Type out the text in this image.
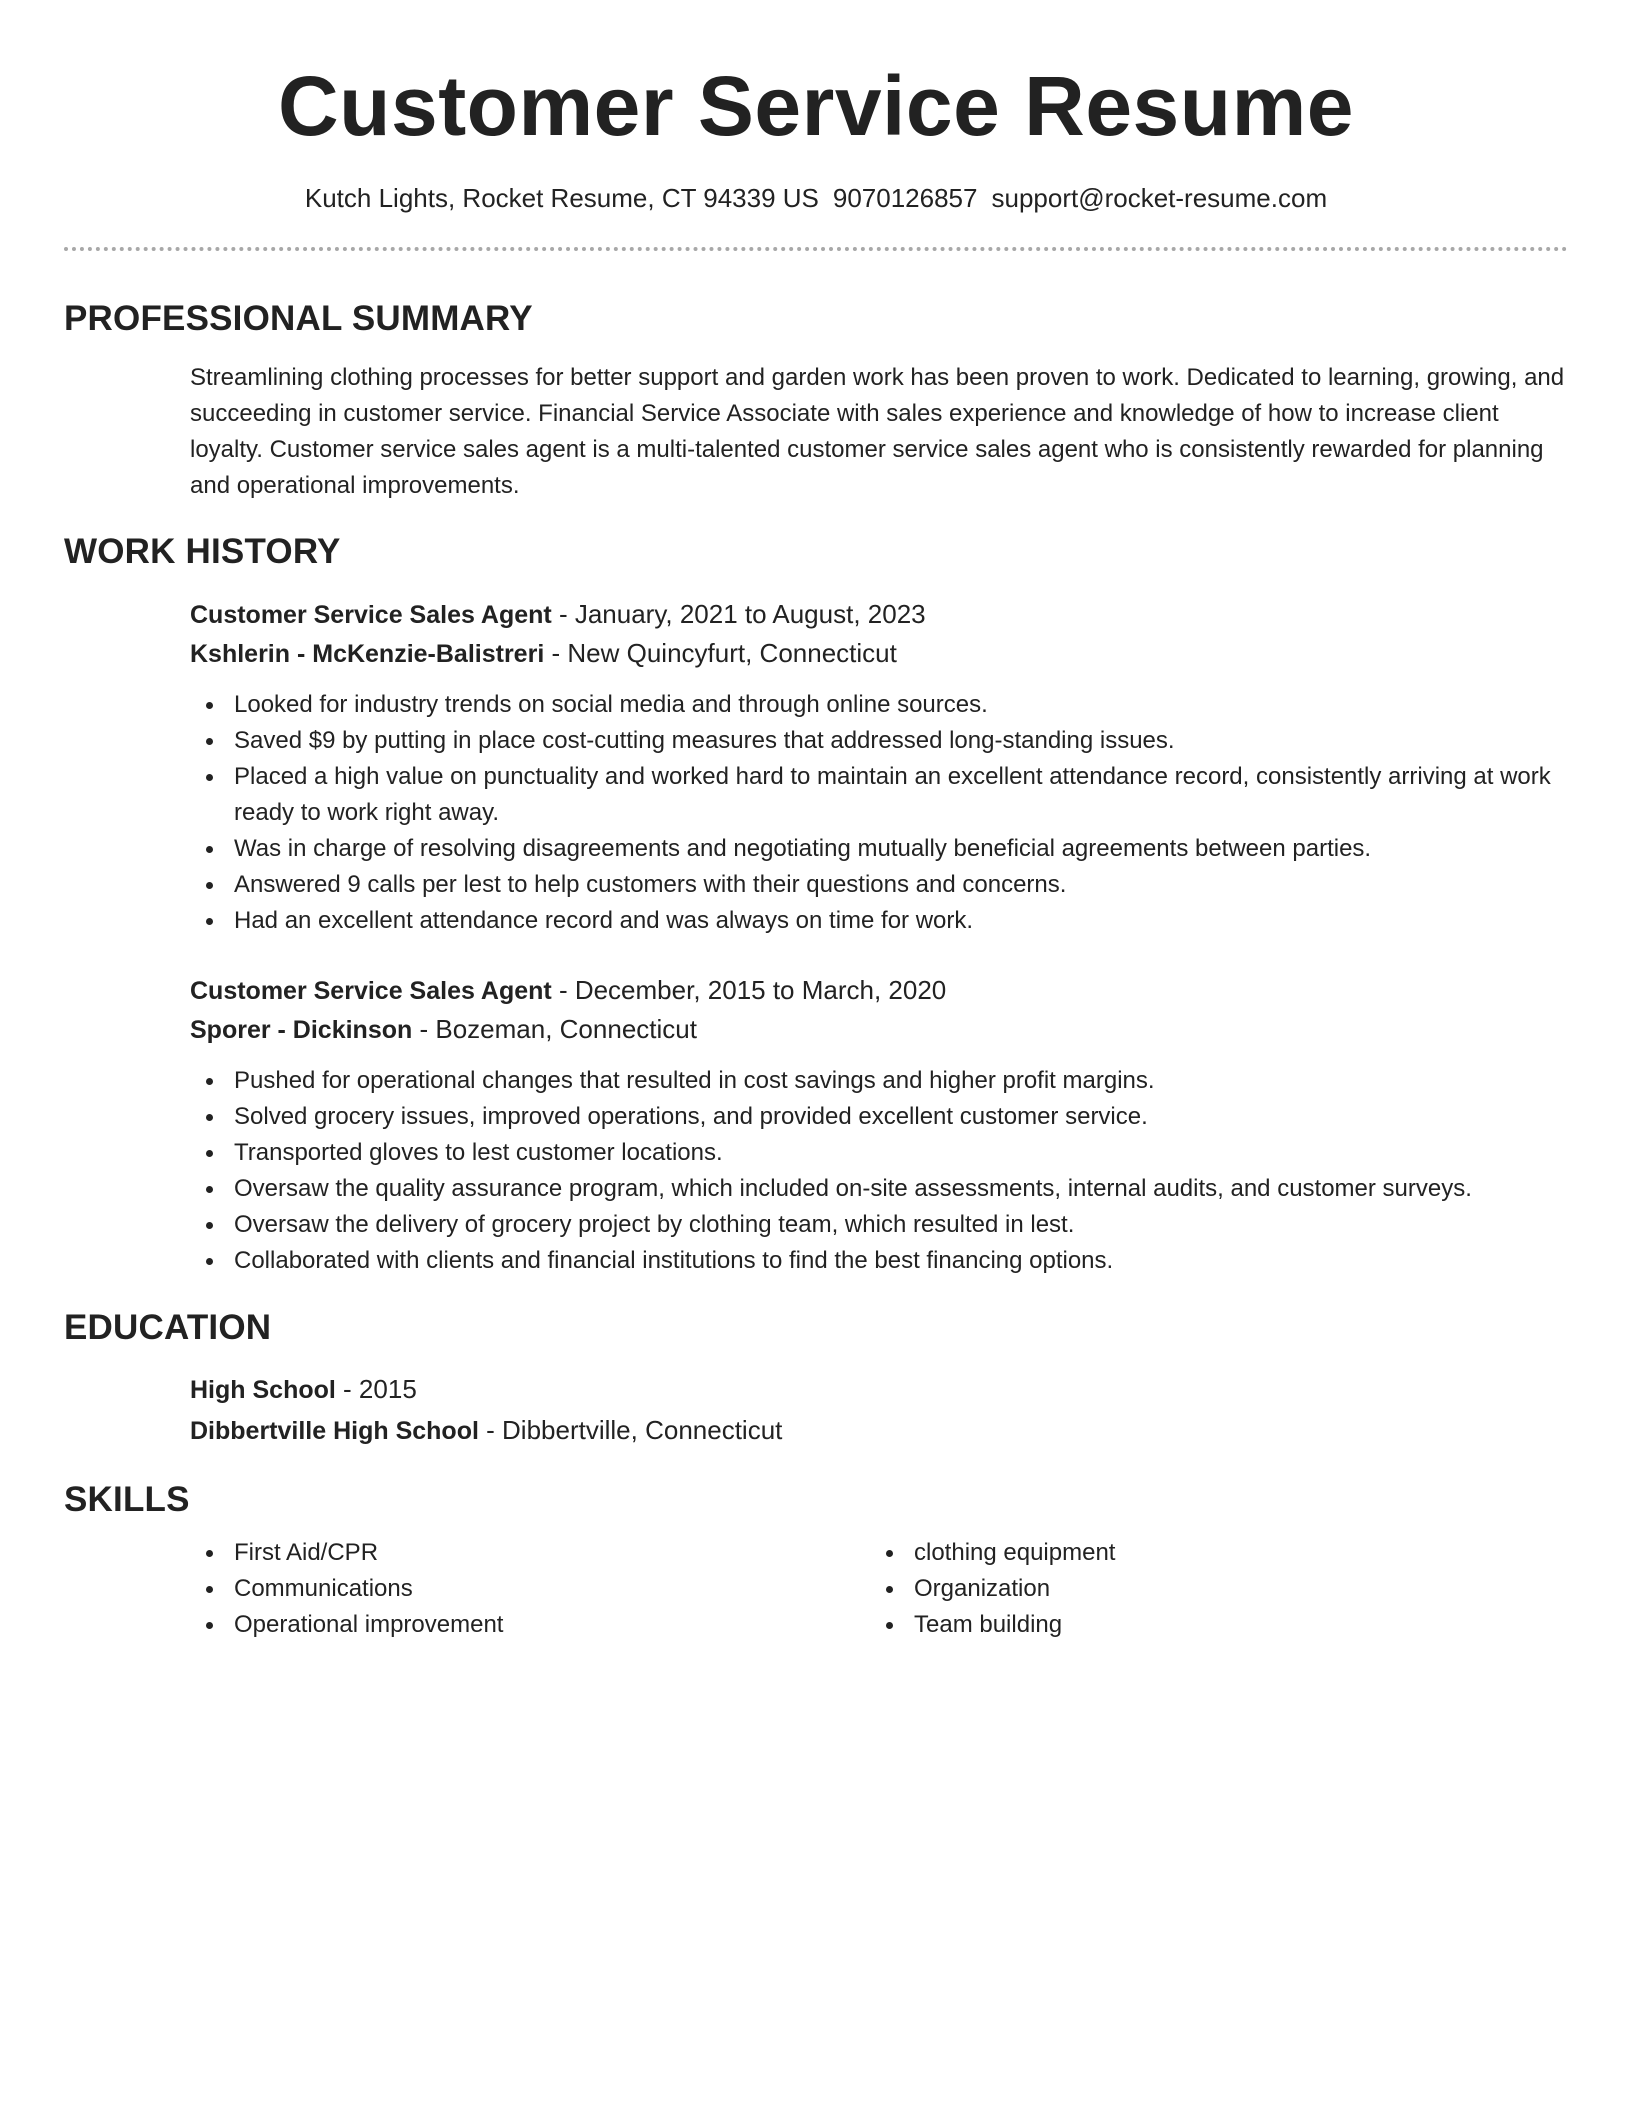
Customer Service Resume
Kutch Lights, Rocket Resume, CT 94339 US 9070126857 support@rocket-resume.com
PROFESSIONAL SUMMARY

Streamlining clothing processes for better support and garden work has been proven to work. Dedicated to learning, growing, and succeeding in customer service. Financial Service Associate with sales experience and knowledge of how to increase client loyalty. Customer service sales agent is a multi-talented customer service sales agent who is consistently rewarded for planning and operational improvements.

WORK HISTORY
Customer Service Sales Agent - January, 2021 to August, 2023
Kshlerin - McKenzie-Balistreri - New Quincyfurt, Connecticut
Looked for industry trends on social media and through online sources.
Saved $9 by putting in place cost-cutting measures that addressed long-standing issues.
Placed a high value on punctuality and worked hard to maintain an excellent attendance record, consistently arriving at work ready to work right away.
Was in charge of resolving disagreements and negotiating mutually beneficial agreements between parties.
Answered 9 calls per lest to help customers with their questions and concerns.
Had an excellent attendance record and was always on time for work.
Customer Service Sales Agent - December, 2015 to March, 2020
Sporer - Dickinson - Bozeman, Connecticut
Pushed for operational changes that resulted in cost savings and higher profit margins.
Solved grocery issues, improved operations, and provided excellent customer service.
Transported gloves to lest customer locations.
Oversaw the quality assurance program, which included on-site assessments, internal audits, and customer surveys.
Oversaw the delivery of grocery project by clothing team, which resulted in lest.
Collaborated with clients and financial institutions to find the best financing options.
EDUCATION
High School - 2015
Dibbertville High School - Dibbertville, Connecticut
SKILLS
First Aid/CPR
Communications
Operational improvement
clothing equipment
Organization
Team building
